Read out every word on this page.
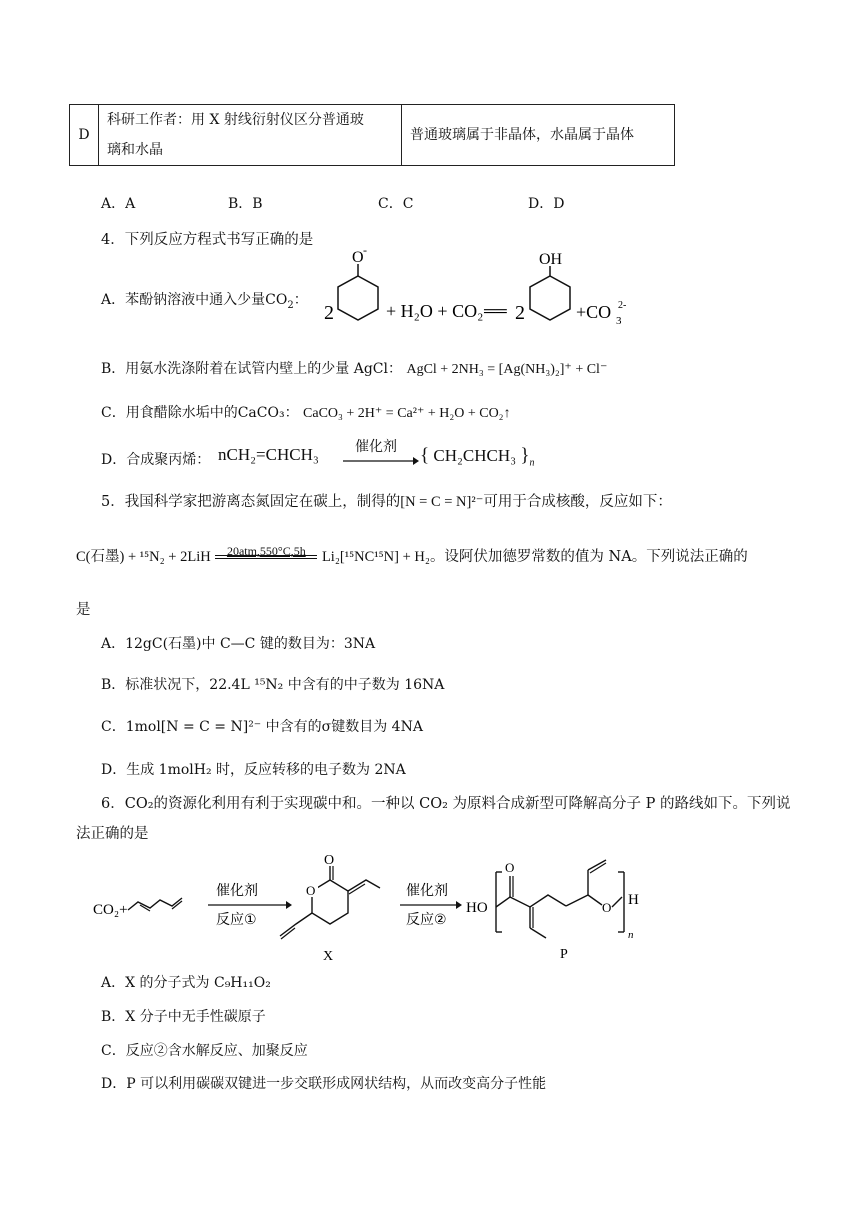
D	
科研工作者：用 X 射线衍射仪区分普通玻
璃和水晶
	普通玻璃属于非晶体，水晶属于晶体
A．A	B．B	C．C	D．D
4．下列反应方程式书写正确的是
A．苯酚钠溶液中通入少量$CO_2$：
2
O -
+ H₂O + CO₂ ══ 2
OH
+CO 3
2-
B．用氨水洗涤附着在试管内壁上的少量 AgCl： AgCl + 2NH₃ = [Ag(NH₃)₂]⁺ + Cl⁻
C．用食醋除水垢中的CaCO₃： CaCO₃ + 2H⁺ = Ca²⁺ + H₂O + CO₂↑
D．合成聚丙烯： nCH₂=CHCH₃	催化剂 { CH₂CHCH₃ }$_n$
5．我国科学家把游离态氮固定在碳上，制得的[N = C = N]²⁻可用于合成核酸，反应如下：
C(石墨) + ¹⁵N₂ + 2LiH	20atm,550°C,5h	Li₂[¹⁵NC¹⁵N] + H₂。设阿伏加德罗常数的值为 NA。下列说法正确的
是
A．12gC(石墨)中 C—C 键的数目为：3NA
B．标准状况下，22.4L ¹⁵N₂ 中含有的中子数为 16NA
C．1mol[N = C = N]²⁻ 中含有的σ键数目为 4NA
D．生成 1molH₂ 时，反应转移的电子数为 2NA
6．CO₂的资源化利用有利于实现碳中和。一种以 CO₂ 为原料合成新型可降解高分子 P 的路线如下。下列说
法正确的是
CO₂+
催化剂
反应①
O
O
X
催化剂
反应②
HO
O
O H
n
P
A．X 的分子式为 C₉H₁₁O₂
B．X 分子中无手性碳原子
C．反应②含水解反应、加聚反应
D．P 可以利用碳碳双键进一步交联形成网状结构，从而改变高分子性能
